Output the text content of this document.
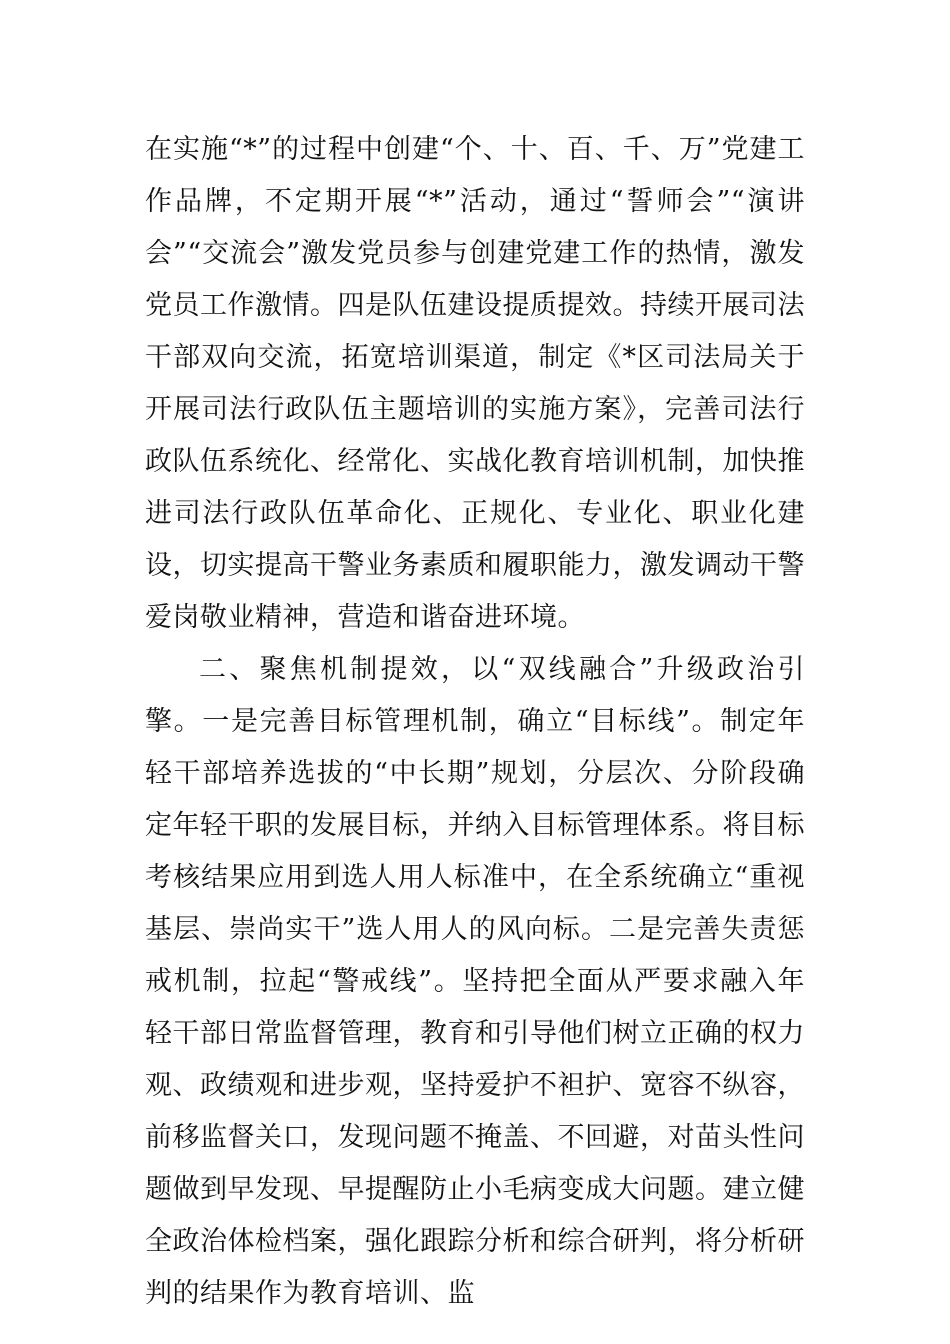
在实施“*”的过程中创建“个、十、百、千、万”党建工作品牌，不定期开展“*”活动，通过“誓师会”“演讲会”“交流会”激发党员参与创建党建工作的热情，激发党员工作激情。四是队伍建设提质提效。持续开展司法干部双向交流，拓宽培训渠道，制定《*区司法局关于开展司法行政队伍主题培训的实施方案》，完善司法行政队伍系统化、经常化、实战化教育培训机制，加快推进司法行政队伍革命化、正规化、专业化、职业化建设，切实提高干警业务素质和履职能力，激发调动干警爱岗敬业精神，营造和谐奋进环境。

二、聚焦机制提效，以“双线融合”升级政治引擎。一是完善目标管理机制，确立“目标线”。制定年轻干部培养选拔的“中长期”规划，分层次、分阶段确定年轻干职的发展目标，并纳入目标管理体系。将目标考核结果应用到选人用人标准中，在全系统确立“重视基层、崇尚实干”选人用人的风向标。二是完善失责惩戒机制，拉起“警戒线”。坚持把全面从严要求融入年轻干部日常监督管理，教育和引导他们树立正确的权力观、政绩观和进步观，坚持爱护不袒护、宽容不纵容，前移监督关口，发现问题不掩盖、不回避，对苗头性问题做到早发现、早提醒防止小毛病变成大问题。建立健全政治体检档案，强化跟踪分析和综合研判，将分析研判的结果作为教育培训、监
